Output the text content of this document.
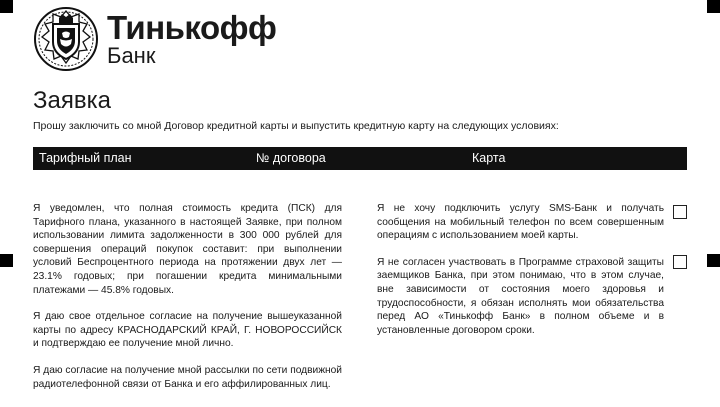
Тинькофф
Банк
Заявка
Прошу заключить со мной Договор кредитной карты и выпустить кредитную карту на следующих условиях:
Тарифный план	№ договора	Карта

Я уведомлен, что полная стоимость кредита (ПСК) для Тарифного плана, указанного в настоящей Заявке, при полном использовании лимита задолженности в 300 000 рублей для совершения операций покупок составит: при выполнении условий Беспроцентного периода на протяжении двух лет — 23.1% годовых; при погашении кредита минимальными платежами — 45.8% годовых.

Я даю свое отдельное согласие на получение вышеуказанной карты по адресу КРАСНОДАРСКИЙ КРАЙ, Г. НОВОРОССИЙСК и подтверждаю ее получение мной лично.

Я даю согласие на получение мной рассылки по сети подвижной радиотелефонной связи от Банка и его аффилированных лиц.

Я не хочу подключить услугу SMS-Банк и получать сообщения на мобильный телефон по всем совершенным операциям с использованием моей карты.

Я не согласен участвовать в Программе страховой защиты заемщиков Банка, при этом понимаю, что в этом случае, вне зависимости от состояния моего здоровья и трудоспособности, я обязан исполнять мои обязательства перед АО «Тинькофф Банк» в полном объеме и в установленные договором сроки.
